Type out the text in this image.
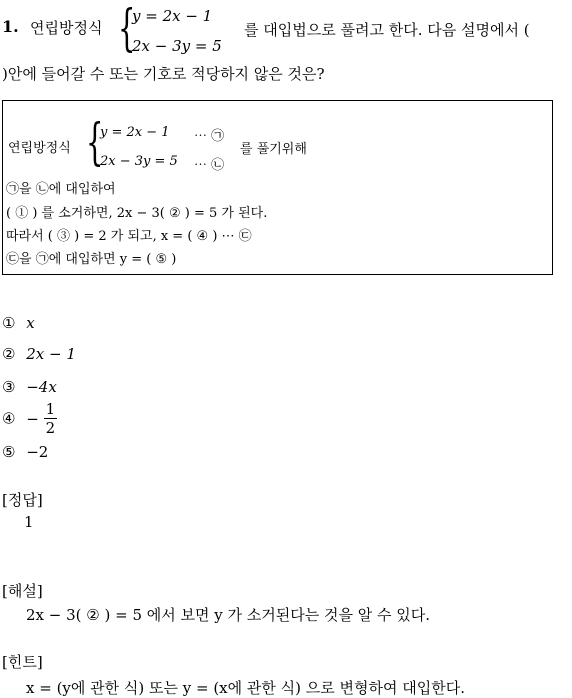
1. 연립방정식 {
y = 2x − 1
2x − 3y = 5
를 대입법으로 풀려고 한다. 다음 설명에서 (
)안에 들어갈 수 또는 기호로 적당하지 않은 것은?
연립방정식 {
y = 2x − 1 ⋯ ㉠
2x − 3y = 5 ⋯ ㉡
를 풀기위해
㉠을 ㉡에 대입하여
( ① ) 를 소거하면, 2x − 3( ② ) = 5 가 된다.
따라서 ( ③ ) = 2 가 되고, x = ( ④ ) ⋯ ㉢
㉢을 ㉠에 대입하면 y = ( ⑤ )
① x
② 2x − 1
③ −4x
④ − $\frac{1}{2}$
⑤ −2
[정답]
1
[해설]
2x − 3( ② ) = 5 에서 보면 y 가 소거된다는 것을 알 수 있다.
[힌트]
x = (y에 관한 식) 또는 y = (x에 관한 식) 으로 변형하여 대입한다.
